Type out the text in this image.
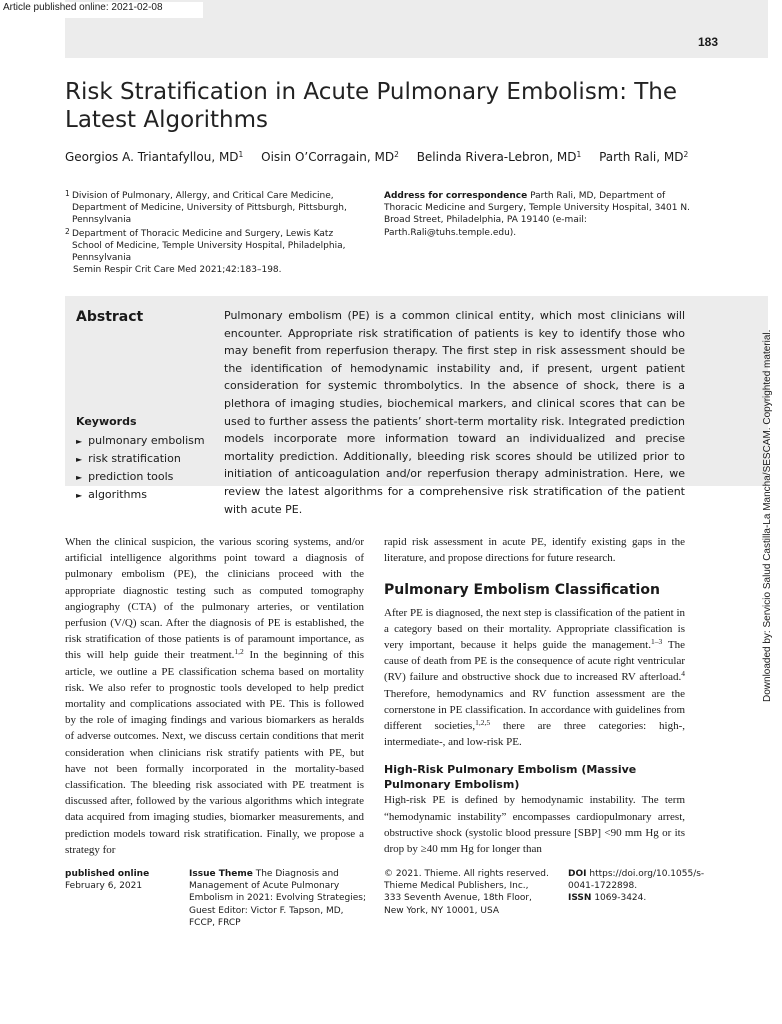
Article published online: 2021-02-08
183
Risk Stratification in Acute Pulmonary Embolism: The Latest Algorithms
Georgios A. Triantafyllou, $MD^1$ Oisin O’Corragain, $MD^2$ Belinda Rivera-Lebron, $MD^1$ Parth Rali, $MD^2$
1 Division of Pulmonary, Allergy, and Critical Care Medicine, Department of Medicine, University of Pittsburgh, Pittsburgh, Pennsylvania
2 Department of Thoracic Medicine and Surgery, Lewis Katz School of Medicine, Temple University Hospital, Philadelphia, Pennsylvania
Address for correspondence Parth Rali, MD, Department of Thoracic Medicine and Surgery, Temple University Hospital, 3401 N. Broad Street, Philadelphia, PA 19140 (e-mail: Parth.Rali@tuhs.temple.edu).
Semin Respir Crit Care Med 2021;42:183–198.
Abstract
Keywords
► pulmonary embolism
► risk stratification
► prediction tools
► algorithms
Pulmonary embolism (PE) is a common clinical entity, which most clinicians will encounter. Appropriate risk stratification of patients is key to identify those who may benefit from reperfusion therapy. The first step in risk assessment should be the identification of hemodynamic instability and, if present, urgent patient consideration for systemic thrombolytics. In the absence of shock, there is a plethora of imaging studies, biochemical markers, and clinical scores that can be used to further assess the patients’ short-term mortality risk. Integrated prediction models incorporate more information toward an individualized and precise mortality prediction. Additionally, bleeding risk scores should be utilized prior to initiation of anticoagulation and/or reperfusion therapy administration. Here, we review the latest algorithms for a comprehensive risk stratification of the patient with acute PE.	Downloaded by: Servicio Salud Castilla-La Mancha/SESCAM. Copyrighted material.

When the clinical suspicion, the various scoring systems, and/or artificial intelligence algorithms point toward a diagnosis of pulmonary embolism (PE), the clinicians proceed with the appropriate diagnostic testing such as computed tomography angiography (CTA) of the pulmonary arteries, or ventilation perfusion (V/Q) scan. After the diagnosis of PE is established, the risk stratification of those patients is of paramount importance, as this will help guide their treatment.$^{1,2}$ In the beginning of this article, we outline a PE classification schema based on mortality risk. We also refer to prognostic tools developed to help predict mortality and complications associated with PE. This is followed by the role of imaging findings and various biomarkers as heralds of adverse outcomes. Next, we discuss certain conditions that merit consideration when clinicians risk stratify patients with PE, but have not been formally incorporated in the mortality-based classification. The bleeding risk associated with PE treatment is discussed after, followed by the various algorithms which integrate data acquired from imaging studies, biomarker measurements, and prediction models toward risk stratification. Finally, we propose a strategy for

rapid risk assessment in acute PE, identify existing gaps in the literature, and propose directions for future research.

Pulmonary Embolism Classification

After PE is diagnosed, the next step is classification of the patient in a category based on their mortality. Appropriate classification is very important, because it helps guide the management.$^{1-3}$ The cause of death from PE is the consequence of acute right ventricular (RV) failure and obstructive shock due to increased RV afterload.$^4$ Therefore, hemodynamics and RV function assessment are the cornerstone in PE classification. In accordance with guidelines from different societies,$^{1,2,5}$ there are three categories: high-, intermediate-, and low-risk PE.

High-Risk Pulmonary Embolism (Massive Pulmonary Embolism)

High-risk PE is defined by hemodynamic instability. The term “hemodynamic instability” encompasses cardiopulmonary arrest, obstructive shock (systolic blood pressure [SBP] <90 mm Hg or its drop by ≥40 mm Hg for longer than

published online
February 6, 2021
Issue Theme The Diagnosis and Management of Acute Pulmonary Embolism in 2021: Evolving Strategies; Guest Editor: Victor F. Tapson, MD, FCCP, FRCP
© 2021. Thieme. All rights reserved.
Thieme Medical Publishers, Inc.,
333 Seventh Avenue, 18th Floor,
New York, NY 10001, USA
DOI https://doi.org/10.1055/s-0041-1722898.
ISSN 1069-3424.
